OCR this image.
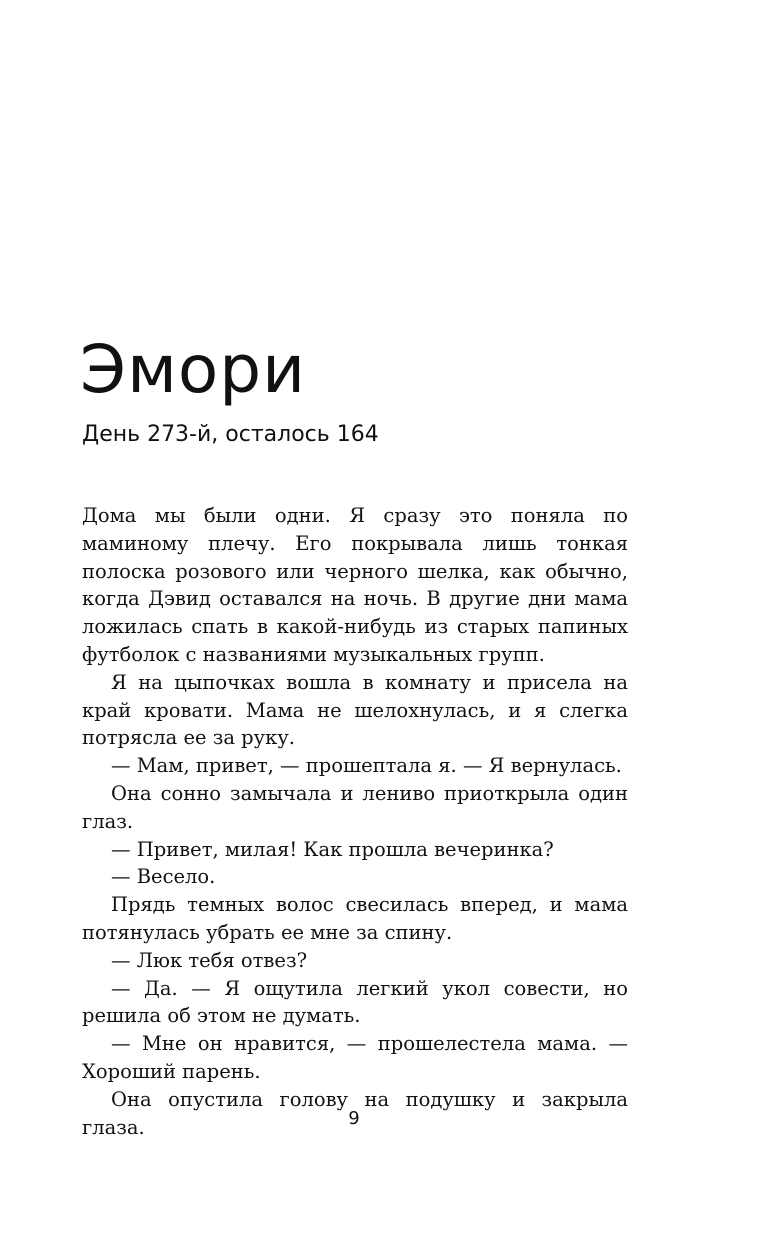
Эмори
День 273-й, осталось 164

Дома мы были одни. Я сразу это поняла по маминому плечу. Его покрывала лишь тонкая полоска розового или черного шелка, как обычно, когда Дэвид оставался на ночь. В другие дни мама ложилась спать в какой-нибудь из старых папиных футболок с названиями музыкальных групп.

Я на цыпочках вошла в комнату и присела на край кровати. Мама не шелохнулась, и я слегка потрясла ее за руку.

— Мам, привет, — прошептала я. — Я вернулась.

Она сонно замычала и лениво приоткрыла один глаз.

— Привет, милая! Как прошла вечеринка?

— Весело.

Прядь темных волос свесилась вперед, и мама потянулась убрать ее мне за спину.

— Люк тебя отвез?

— Да. — Я ощутила легкий укол совести, но решила об этом не думать.

— Мне он нравится, — прошелестела мама. — Хороший парень.

Она опустила голову на подушку и закрыла глаза.	9
